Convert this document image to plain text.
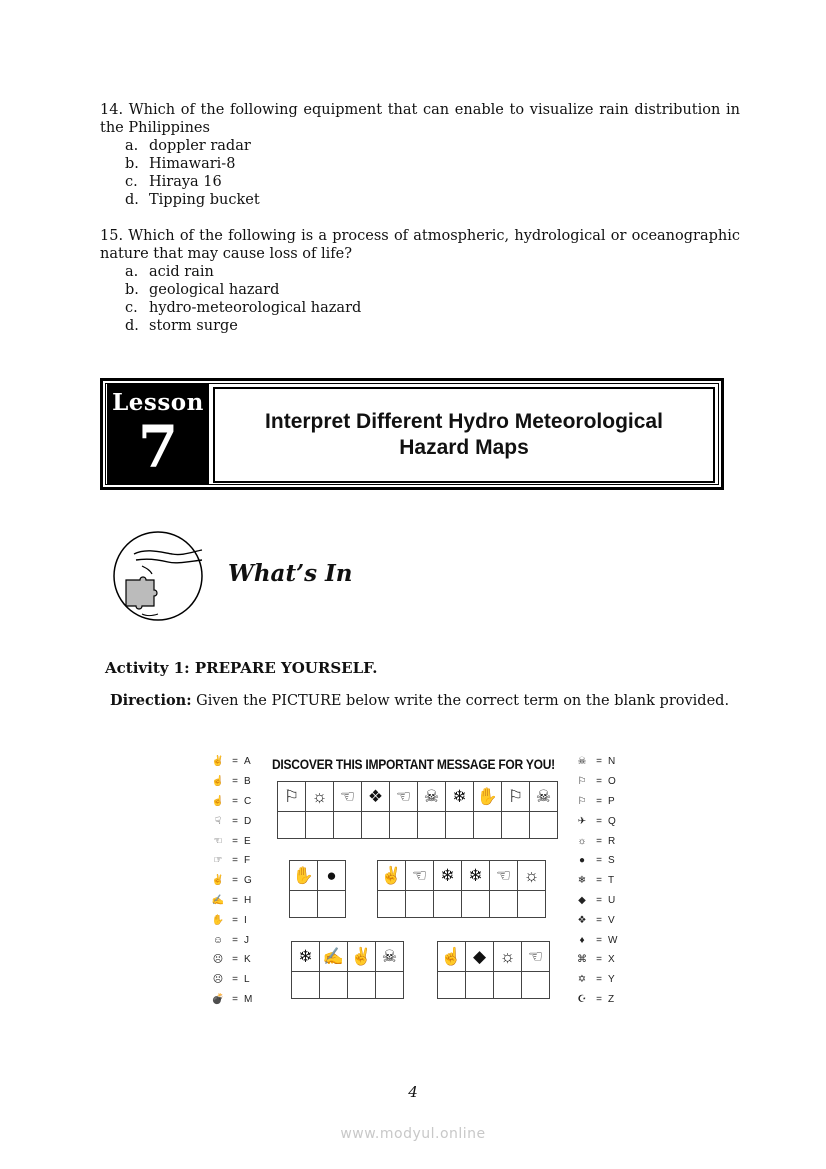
14. Which of the following equipment that can enable to visualize rain distribution in the Philippines

a. doppler radar
b. Himawari-8
c. Hiraya 16
d. Tipping bucket

15. Which of the following is a process of atmospheric, hydrological or oceanographic nature that may cause loss of life?

a. acid rain
b. geological hazard
c. hydro-meteorological hazard
d. storm surge
Lesson
7	Interpret Different Hydro Meteorological
Hazard Maps
What’s In
Activity 1: PREPARE YOURSELF.
Direction: Given the PICTURE below write the correct term on the blank provided.
✌ = A
☝ = B
☝ = C
☟	= D
☜ = E
☞ = F
✌ = G
✍ = H
✋ = I
☺ = J
☹ = K
☹ = L
💣 = M
☠ = N
⚐ = O
⚐ = P
✈ = Q
☼ = R
●	= S
❄ = T
◆	= U
❖ = V
♦	= W
⌘ = X
✡ = Y
☪ = Z
DISCOVER THIS IMPORTANT MESSAGE FOR YOU!
⚐ ☼ ☜ ❖ ☜ ☠ ❄ ✋ ⚐ ☠
✋ ●	✌ ☜ ❄ ❄ ☜ ☼
❄ ✍ ✌ ☠	☝ ◆ ☼ ☜
4
www.modyul.online
